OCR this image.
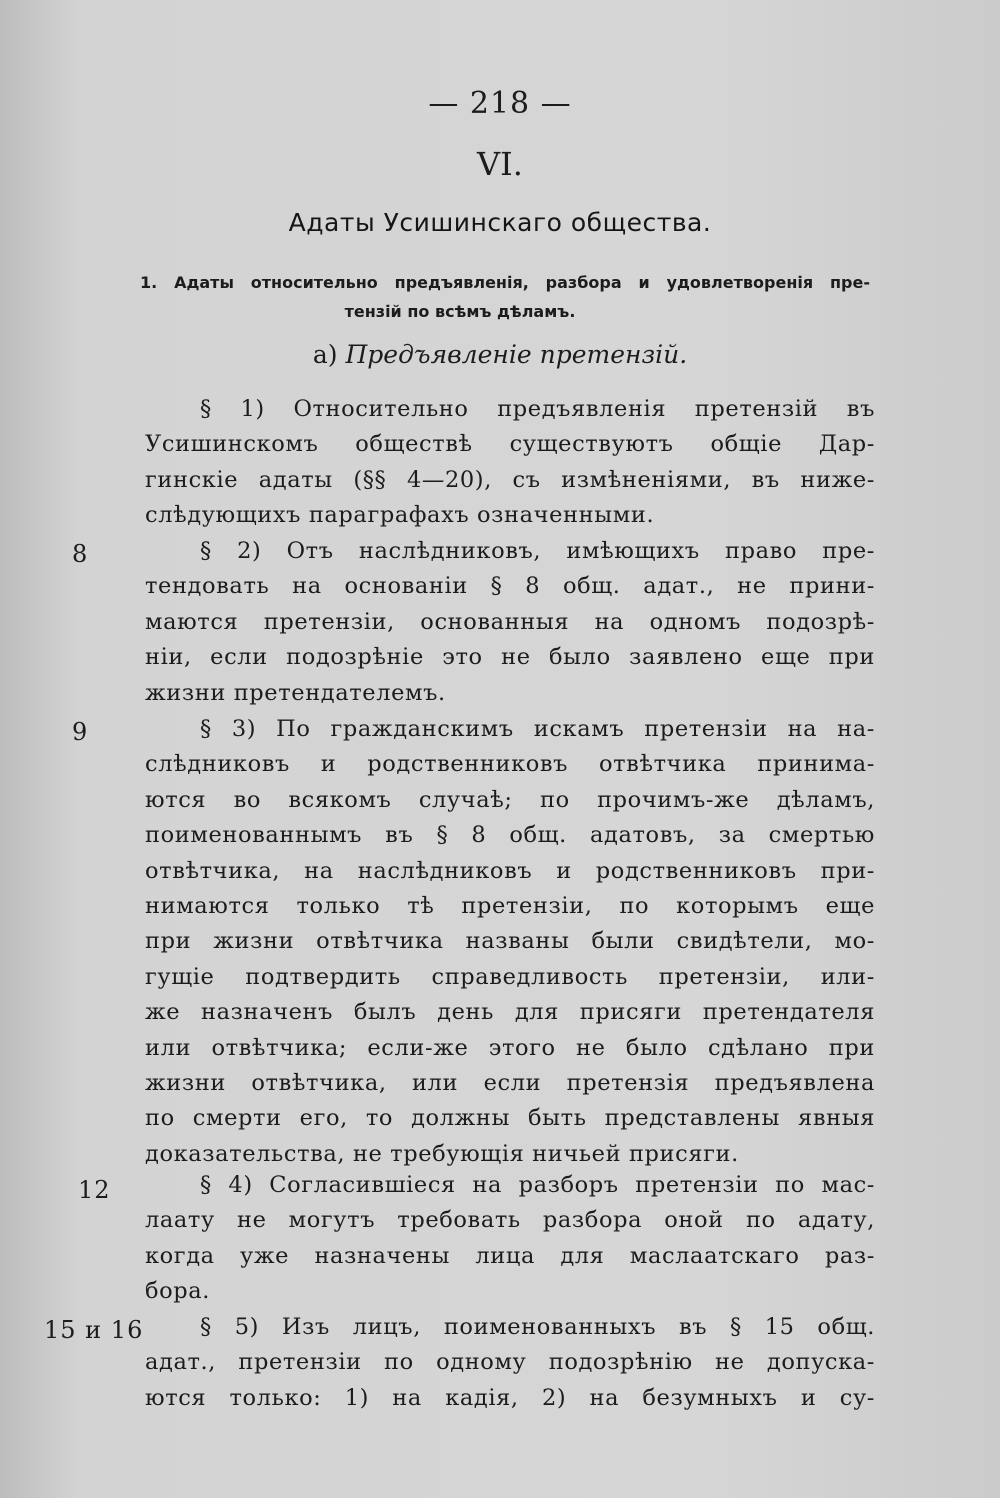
— 218 —
VI.
Адаты Усишинскаго общества.
1. Адаты относительно предъявленія, разбора и удовлетворенія пре-
тензій по всѣмъ дѣламъ.
а) Предъявленіе претензій.
§ 1) Относительно предъявленія претензій въ
Усишинскомъ обществѣ существуютъ общіе Дар-
гинскіе адаты (§§ 4—20), съ измѣненіями, въ ниже-
слѣдующихъ параграфахъ означенными.
8	§ 2) Отъ наслѣдниковъ, имѣющихъ право пре-
тендовать на основаніи § 8 общ. адат., не прини-
маются претензіи, основанныя на одномъ подозрѣ-
ніи, если подозрѣніе это не было заявлено еще при
жизни претендателемъ.
9	§ 3) По гражданскимъ искамъ претензіи на на-
слѣдниковъ и родственниковъ отвѣтчика принима-
ются во всякомъ случаѣ; по прочимъ-же дѣламъ,
поименованнымъ въ § 8 общ. адатовъ, за смертью
отвѣтчика, на наслѣдниковъ и родственниковъ при-
нимаются только тѣ претензіи, по которымъ еще
при жизни отвѣтчика названы были свидѣтели, мо-
гущіе подтвердить справедливость претензіи, или-
же назначенъ былъ день для присяги претендателя
или отвѣтчика; если-же этого не было сдѣлано при
жизни отвѣтчика, или если претензія предъявлена
по смерти его, то должны быть представлены явныя
доказательства, не требующія ничьей присяги.
12	§ 4) Согласившіеся на разборъ претензіи по мас-
лаату не могутъ требовать разбора оной по адату,
когда уже назначены лица для маслаатскаго раз-
бора.
15 и 16	§ 5) Изъ лицъ, поименованныхъ въ § 15 общ.
адат., претензіи по одному подозрѣнію не допуска-
ются только: 1) на кадія, 2) на безумныхъ и су-
